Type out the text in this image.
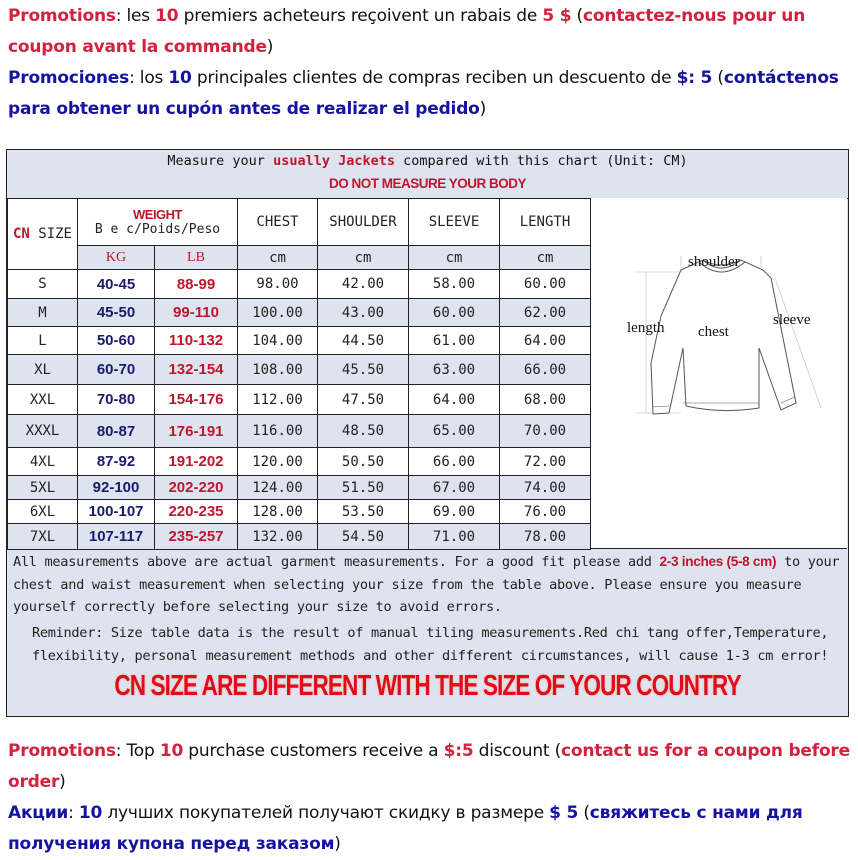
Promotions: les 10 premiers acheteurs reçoivent un rabais de 5 $ (contactez-nous pour un coupon avant la commande)
Promociones: los 10 principales clientes de compras reciben un descuento de $: 5 (contáctenos para obtener un cupón antes de realizar el pedido)
Measure your usually Jackets compared with this chart (Unit: CM)
DO NOT MEASURE YOUR BODY
CN SIZE	WEIGHT
В е c/Poids/Peso		CHEST	SHOULDER	SLEEVE	LENGTH
	KG	LB	cm	cm	cm	cm
S	40-45	88-99	98.00	42.00	58.00	60.00
M	45-50	99-110	100.00	43.00	60.00	62.00
L	50-60	110-132	104.00	44.50	61.00	64.00
XL	60-70	132-154	108.00	45.50	63.00	66.00
XXL	70-80	154-176	112.00	47.50	64.00	68.00
XXXL	80-87	176-191	116.00	48.50	65.00	70.00
4XL	87-92	191-202	120.00	50.50	66.00	72.00
5XL	92-100	202-220	124.00	51.50	67.00	74.00
6XL	100-107	220-235	128.00	53.50	69.00	76.00
7XL	107-117	235-257	132.00	54.50	71.00	78.00
shoulder
length chest
sleeve
All measurements above are actual garment measurements. For a good fit please add 2-3 inches (5-8 cm) to your chest and waist measurement when selecting your size from the table above. Please ensure you measure yourself correctly before selecting your size to avoid errors.
Reminder: Size table data is the result of manual tiling measurements.Red chi tang offer,Temperature, flexibility, personal measurement methods and other different circumstances, will cause 1-3 cm error!
CN SIZE ARE DIFFERENT WITH THE SIZE OF YOUR COUNTRY
Promotions: Top 10 purchase customers receive a $:5 discount (contact us for a coupon before order)
Акции: 10 лучших покупателей получают скидку в размере $ 5 (свяжитесь с нами для получения купона перед заказом)
